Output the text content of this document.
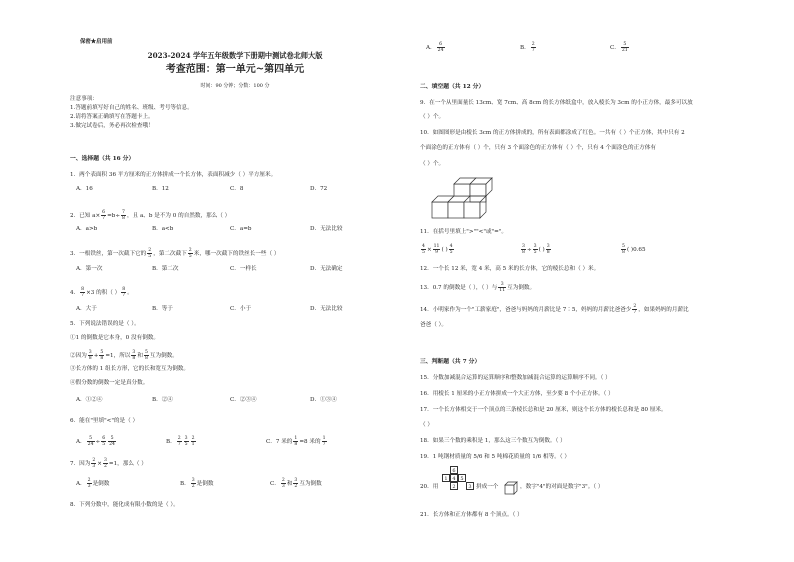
保密★启用前
2023-2024 学年五年级数学下册期中测试卷北师大版
考查范围：第一单元~第四单元
时间：90 分钟；分数：100 分
注意事项：
1.答题前填写好自己的姓名、班级、考号等信息。
2.请将答案正确填写在答题卡上。
3.做完试卷后，务必再次检查哦！
一、选择题（共 16 分）
1．两个表面积 36 平方厘米的正方体拼成一个长方体，表面积减少（ ）平方厘米。
A．16	B．12	C．8	D．72
2．已知 $a\times \frac{6}{7} =b\div \frac{7}{8}$ ，且 a、b 是不为 0 的自然数，那么（ ）
A．a>b	B．a<b	C．a=b	D．无法比较
3．一根铁丝，第一次截下它的 $\frac{2}{5}$ ，第二次截下 $\frac{2}{5}$ 米，哪一次截下的铁丝长一些（ ）
A．第一次	B．第二次	C．一样长	D．无法确定
4． $\frac{8}{7} \times 3$ 的积（ ） $\frac{8}{7}$ 。
A．大于	B．等于	C．小于	D．无法比较
5．下列说法错误的是（ ）。
①1 的倒数是它本身，0 没有倒数。
②因为 $\frac{3}{8} + \frac{5}{8} =1$，所以 $\frac{3}{8}$ 和 $\frac{5}{8}$ 互为倒数。
③长方体的 1 组长方形，它的长和宽互为倒数。
④假分数的倒数一定是真分数。
A．①②④	B．②④	C．②③④	D．①③④
6．能在"里填"<"的是（ ）
A． $\frac{5}{24} \div \frac{6}{5} \frac{5}{24}$	B． $\frac{2}{7} \frac{3}{5} \frac{2}{1}$	C．7 米的 $\frac{1}{8} =8$ 米的 $\frac{1}{7}$
7．因为 $\frac{2}{3} \times \frac{3}{2} =1$，那么（ ）
A． $\frac{2}{3}$ 是倒数	B． $\frac{3}{2}$ 是倒数	C． $\frac{2}{3}$ 和 $\frac{3}{2}$ 互为倒数
8．下列分数中，能化成有限小数的是（ ）。
A． $\frac{6}{24}$	B． $\frac{2}{7}$	C． $\frac{5}{21}$
二、填空题（共 12 分）
9．在一个从里面量长 13cm、宽 7cm、高 8cm 的长方体纸盒中，放入棱长为 3cm 的小正方体，最多可以放
（ ）个。
10．如图图形是由棱长 3cm 的正方体拼成的，所有表面都涂成了红色。一共有（ ）个正方体，其中只有 2
个面涂色的正方体有（ ）个，只有 3 个面涂色的正方体有（ ）个，只有 4 个面涂色的正方体有
（ ）个。
11．在括号里填上">""<"或"="。
$\frac{4}{5} \times \frac{11}{9}$ ( ) $\frac{4}{5}$	$\frac{3}{8} \div \frac{3}{5}$ ( ) $\frac{3}{8}$	$\frac{5}{8}$ ( )0.65
12．一个长 12 米，宽 4 米，高 5 米的长方体，它的棱长总和（ ）米。
13．0.7 的倒数是（ ），（ ）与 $\frac{3}{11}$ 互为倒数。
14．小明家作为一个"工薪家庭"，爸爸与妈妈的月薪比是 7∶5，妈妈的月薪比爸爸少 $\frac{2}{7}$ ，如果妈妈的月薪比
爸爸（ ）。
三、判断题（共 7 分）
15．分数加减混合运算的运算顺序和整数加减混合运算的运算顺序不同。（ ）
16．用棱长 1 厘米的小正方体拼成一个大正方体，至少要 8 个小正方体。（ ）
17．一个长方体相交于一个顶点的三条棱长总和是 20 厘米，则这个长方体的棱长总和是 80 厘米。
（ ）
18．如果三个数的乘积是 1，那么这三个数互为倒数。（ ）
19．1 吨钢材质量的 5/6 和 5 吨棉花质量的 1/6 相等。（ ）
20．用
6
1 4 5
2	3 拼成一个	，数字"4"的对面是数字"3"。（ ）
21．长方体和正方体都有 8 个顶点。（ ）
